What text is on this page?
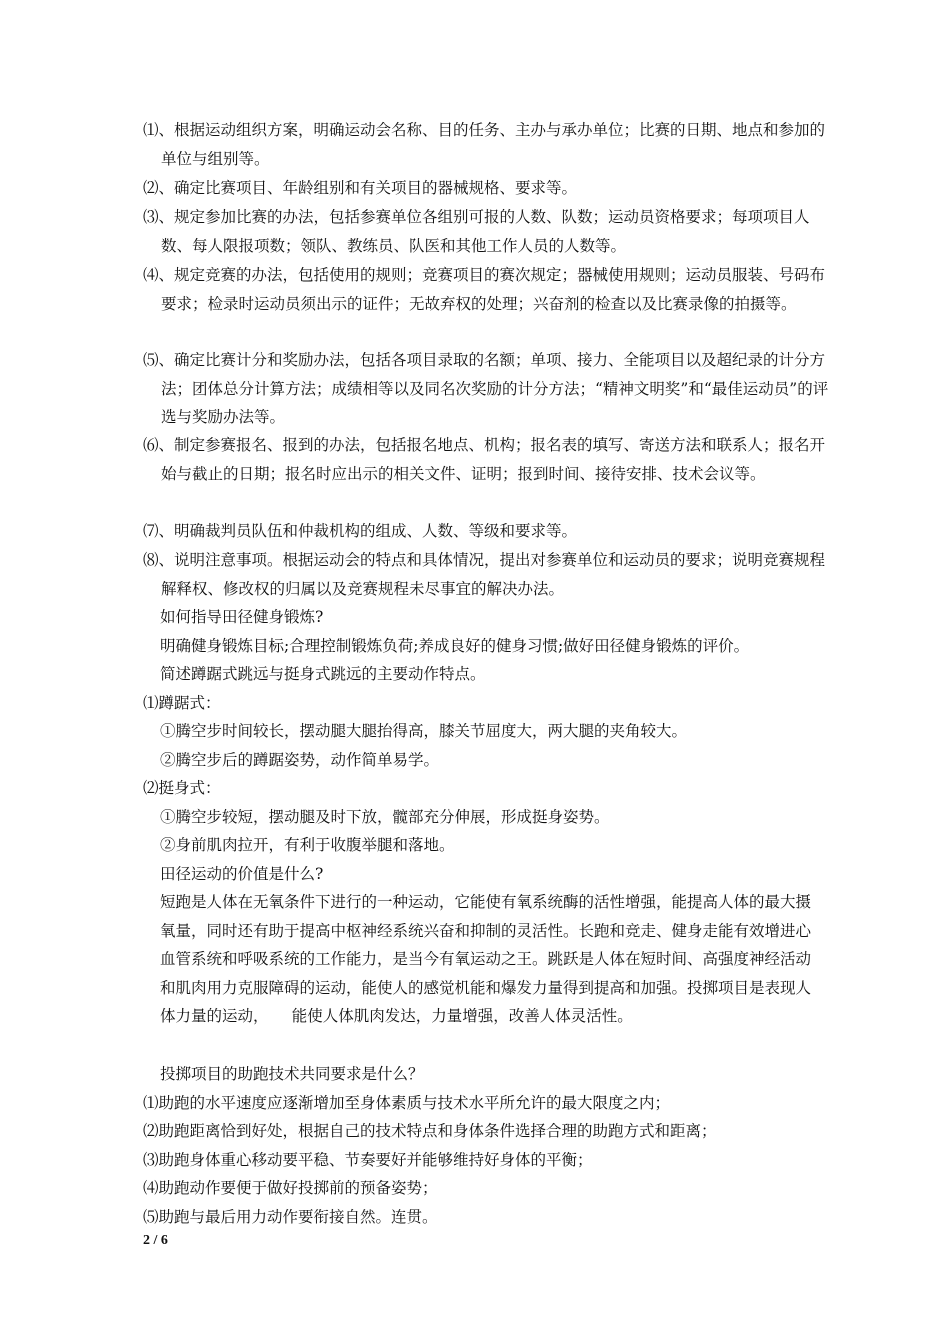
⑴、根据运动组织方案，明确运动会名称、目的任务、主办与承办单位；比赛的日期、地点和参加的单位与组别等。
⑵、确定比赛项目、年龄组别和有关项目的器械规格、要求等。
⑶、规定参加比赛的办法，包括参赛单位各组别可报的人数、队数；运动员资格要求；每项项目人数、每人限报项数；领队、教练员、队医和其他工作人员的人数等。
⑷、规定竞赛的办法，包括使用的规则；竞赛项目的赛次规定；器械使用规则；运动员服装、号码布要求；检录时运动员须出示的证件；无故弃权的处理；兴奋剂的检查以及比赛录像的拍摄等。
⑸、确定比赛计分和奖励办法，包括各项目录取的名额；单项、接力、全能项目以及超纪录的计分方法；团体总分计算方法；成绩相等以及同名次奖励的计分方法；“精神文明奖”和“最佳运动员”的评选与奖励办法等。
⑹、制定参赛报名、报到的办法，包括报名地点、机构；报名表的填写、寄送方法和联系人；报名开始与截止的日期；报名时应出示的相关文件、证明；报到时间、接待安排、技术会议等。
⑺、明确裁判员队伍和仲裁机构的组成、人数、等级和要求等。
⑻、说明注意事项。根据运动会的特点和具体情况，提出对参赛单位和运动员的要求；说明竞赛规程解释权、修改权的归属以及竞赛规程未尽事宜的解决办法。
如何指导田径健身锻炼?
明确健身锻炼目标;合理控制锻炼负荷;养成良好的健身习惯;做好田径健身锻炼的评价。
简述蹲踞式跳远与挺身式跳远的主要动作特点。
⑴蹲踞式：
①腾空步时间较长，摆动腿大腿抬得高，膝关节屈度大，两大腿的夹角较大。
②腾空步后的蹲踞姿势，动作简单易学。
⑵挺身式：
①腾空步较短，摆动腿及时下放，髋部充分伸展，形成挺身姿势。
②身前肌肉拉开，有利于收腹举腿和落地。
田径运动的价值是什么?
短跑是人体在无氧条件下进行的一种运动，它能使有氧系统酶的活性增强，能提高人体的最大摄氧量，同时还有助于提高中枢神经系统兴奋和抑制的灵活性。长跑和竞走、健身走能有效增进心血管系统和呼吸系统的工作能力，是当今有氧运动之王。跳跃是人体在短时间、高强度神经活动和肌肉用力克服障碍的运动，能使人的感觉机能和爆发力量得到提高和加强。投掷项目是表现人体力量的运动，　　能使人体肌肉发达，力量增强，改善人体灵活性。
投掷项目的助跑技术共同要求是什么？
⑴助跑的水平速度应逐渐增加至身体素质与技术水平所允许的最大限度之内；
⑵助跑距离恰到好处，根据自己的技术特点和身体条件选择合理的助跑方式和距离；
⑶助跑身体重心移动要平稳、节奏要好并能够维持好身体的平衡；
⑷助跑动作要便于做好投掷前的预备姿势；
⑸助跑与最后用力动作要衔接自然。连贯。
2 / 6
